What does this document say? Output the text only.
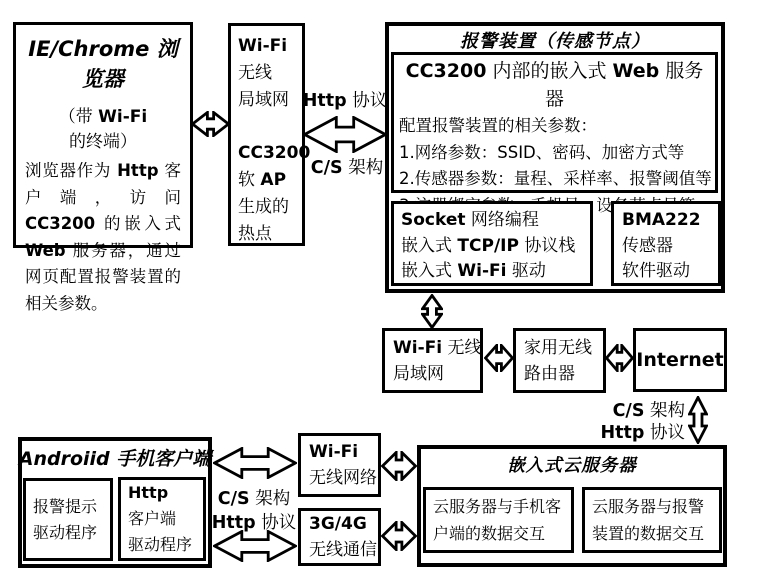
IE/Chrome 浏览器
（带 Wi-Fi 的终端）
浏览器作为 Http 客户端，访问 CC3200 的嵌入式 Web 服务器，通过网页配置报警装置的相关参数。
Wi-Fi
无线
局域网
CC3200
软 AP
生成的
热点
报警装置（传感节点）
CC3200 内部的嵌入式 Web 服务器
配置报警装置的相关参数：
1.网络参数：SSID、密码、加密方式等
2.传感器参数：量程、采样率、报警阈值等
Socket 网络编程
嵌入式 TCP/IP 协议栈
嵌入式 Wi-Fi 驱动
BMA222
传感器
软件驱动
Wi-Fi 无线
局域网
家用无线
路由器
Internet
Androiid 手机客户端
报警提示
驱动程序
Http
客户端
驱动程序
Wi-Fi
无线网络
3G/4G
无线通信
嵌入式云服务器
云服务器与手机客
户端的数据交互
云服务器与报警
装置的数据交互
Http 协议
C/S 架构
C/S 架构
Http 协议
C/S 架构
Http 协议
